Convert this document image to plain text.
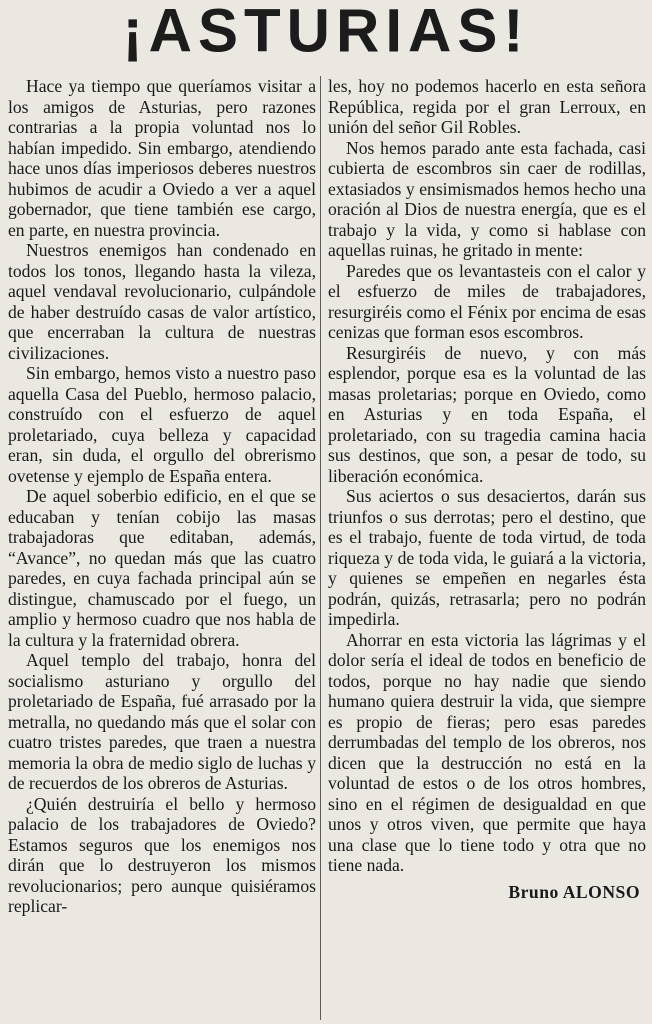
¡ASTURIAS!

Hace ya tiempo que queríamos visitar a los amigos de Asturias, pero razones contrarias a la propia voluntad nos lo habían impedido. Sin embargo, atendiendo hace unos días imperiosos deberes nuestros hubimos de acudir a Oviedo a ver a aquel gobernador, que tiene también ese cargo, en parte, en nuestra provincia.

Nuestros enemigos han condenado en todos los tonos, llegando hasta la vileza, aquel vendaval revolucionario, culpándole de haber destruído casas de valor artístico, que encerraban la cultura de nuestras civilizaciones.

Sin embargo, hemos visto a nuestro paso aquella Casa del Pueblo, hermoso palacio, construído con el esfuerzo de aquel proletariado, cuya belleza y capacidad eran, sin duda, el orgullo del obrerismo ovetense y ejemplo de España entera.

De aquel soberbio edificio, en el que se educaban y tenían cobijo las masas trabajadoras que editaban, además, “Avance”, no quedan más que las cuatro paredes, en cuya fachada principal aún se distingue, chamuscado por el fuego, un amplio y hermoso cuadro que nos habla de la cultura y la fraternidad obrera.

Aquel templo del trabajo, honra del socialismo asturiano y orgullo del proletariado de España, fué arrasado por la metralla, no quedando más que el solar con cuatro tristes paredes, que traen a nuestra memoria la obra de medio siglo de luchas y de recuerdos de los obreros de Asturias.

¿Quién destruiría el bello y hermoso palacio de los trabajadores de Oviedo? Estamos seguros que los enemigos nos dirán que lo destruyeron los mismos revolucionarios; pero aunque quisiéramos replicar-

les, hoy no podemos hacerlo en esta señora República, regida por el gran Lerroux, en unión del señor Gil Robles.

Nos hemos parado ante esta fachada, casi cubierta de escombros sin caer de rodillas, extasiados y ensimismados hemos hecho una oración al Dios de nuestra energía, que es el trabajo y la vida, y como si hablase con aquellas ruinas, he gritado in mente:

Paredes que os levantasteis con el calor y el esfuerzo de miles de trabajadores, resurgiréis como el Fénix por encima de esas cenizas que forman esos escombros.

Resurgiréis de nuevo, y con más esplendor, porque esa es la voluntad de las masas proletarias; porque en Oviedo, como en Asturias y en toda España, el proletariado, con su tragedia camina hacia sus destinos, que son, a pesar de todo, su liberación económica.

Sus aciertos o sus desaciertos, darán sus triunfos o sus derrotas; pero el destino, que es el trabajo, fuente de toda virtud, de toda riqueza y de toda vida, le guiará a la victoria, y quienes se empeñen en negarles ésta podrán, quizás, retrasarla; pero no podrán impedirla.

Ahorrar en esta victoria las lágrimas y el dolor sería el ideal de todos en beneficio de todos, porque no hay nadie que siendo humano quiera destruir la vida, que siempre es propio de fieras; pero esas paredes derrumbadas del templo de los obreros, nos dicen que la destrucción no está en la voluntad de estos o de los otros hombres, sino en el régimen de desigualdad en que unos y otros viven, que permite que haya una clase que lo tiene todo y otra que no tiene nada.

Bruno ALONSO
